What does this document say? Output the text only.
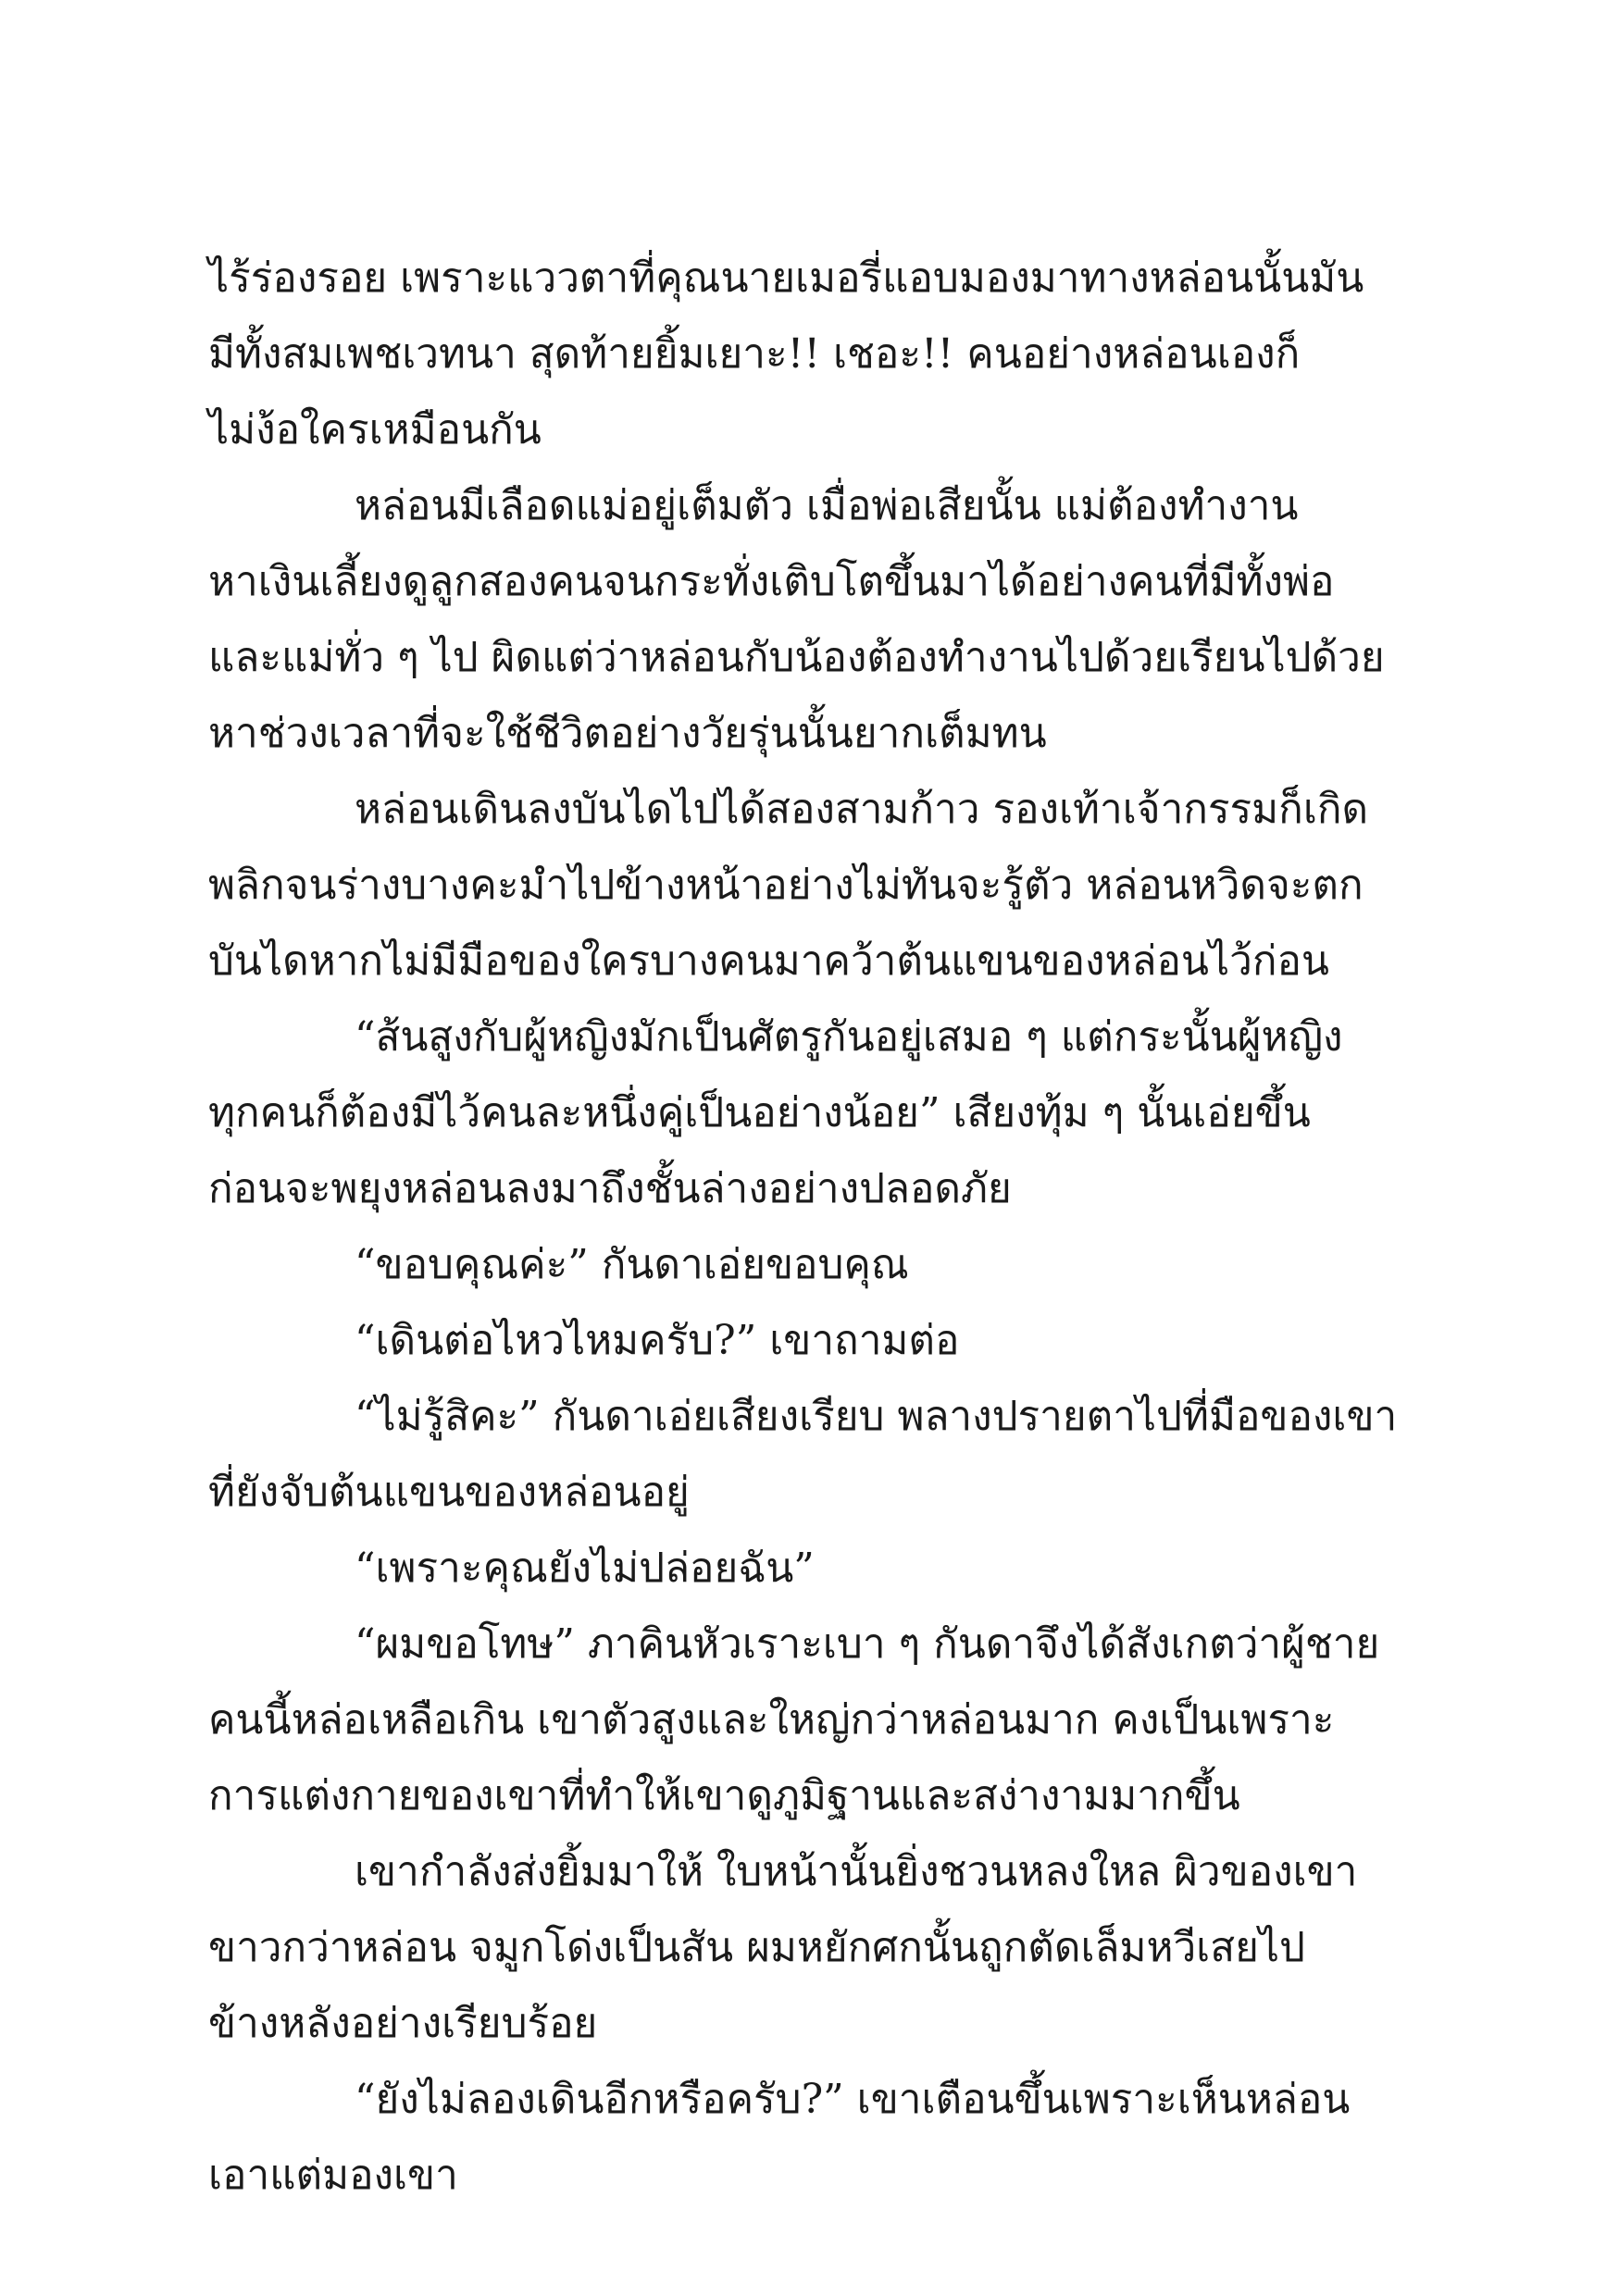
ไร้ร่องรอย เพราะแววตาที่คุณนายเมอรี่แอบมองมาทางหล่อนนั้นมัน
มีทั้งสมเพชเวทนา สุดท้ายยิ้มเยาะ!! เชอะ!! คนอย่างหล่อนเองก็
ไม่ง้อใครเหมือนกัน
หล่อนมีเลือดแม่อยู่เต็มตัว เมื่อพ่อเสียนั้น แม่ต้องทำงาน
หาเงินเลี้ยงดูลูกสองคนจนกระทั่งเติบโตขึ้นมาได้อย่างคนที่มีทั้งพ่อ
และแม่ทั่ว ๆ ไป ผิดแต่ว่าหล่อนกับน้องต้องทำงานไปด้วยเรียนไปด้วย
หาช่วงเวลาที่จะใช้ชีวิตอย่างวัยรุ่นนั้นยากเต็มทน
หล่อนเดินลงบันไดไปได้สองสามก้าว รองเท้าเจ้ากรรมก็เกิด
พลิกจนร่างบางคะมำไปข้างหน้าอย่างไม่ทันจะรู้ตัว หล่อนหวิดจะตก
บันไดหากไม่มีมือของใครบางคนมาคว้าต้นแขนของหล่อนไว้ก่อน
“ส้นสูงกับผู้หญิงมักเป็นศัตรูกันอยู่เสมอ ๆ แต่กระนั้นผู้หญิง
ทุกคนก็ต้องมีไว้คนละหนึ่งคู่เป็นอย่างน้อย” เสียงทุ้ม ๆ นั้นเอ่ยขึ้น
ก่อนจะพยุงหล่อนลงมาถึงชั้นล่างอย่างปลอดภัย
“ขอบคุณค่ะ” กันดาเอ่ยขอบคุณ
“เดินต่อไหวไหมครับ?” เขาถามต่อ
“ไม่รู้สิคะ” กันดาเอ่ยเสียงเรียบ พลางปรายตาไปที่มือของเขา
ที่ยังจับต้นแขนของหล่อนอยู่
“เพราะคุณยังไม่ปล่อยฉัน”
“ผมขอโทษ” ภาคินหัวเราะเบา ๆ กันดาจึงได้สังเกตว่าผู้ชาย
คนนี้หล่อเหลือเกิน เขาตัวสูงและใหญ่กว่าหล่อนมาก คงเป็นเพราะ
การแต่งกายของเขาที่ทำให้เขาดูภูมิฐานและสง่างามมากขึ้น
เขากำลังส่งยิ้มมาให้ ใบหน้านั้นยิ่งชวนหลงใหล ผิวของเขา
ขาวกว่าหล่อน จมูกโด่งเป็นสัน ผมหยักศกนั้นถูกตัดเล็มหวีเสยไป
ข้างหลังอย่างเรียบร้อย
“ยังไม่ลองเดินอีกหรือครับ?” เขาเตือนขึ้นเพราะเห็นหล่อน
เอาแต่มองเขา
